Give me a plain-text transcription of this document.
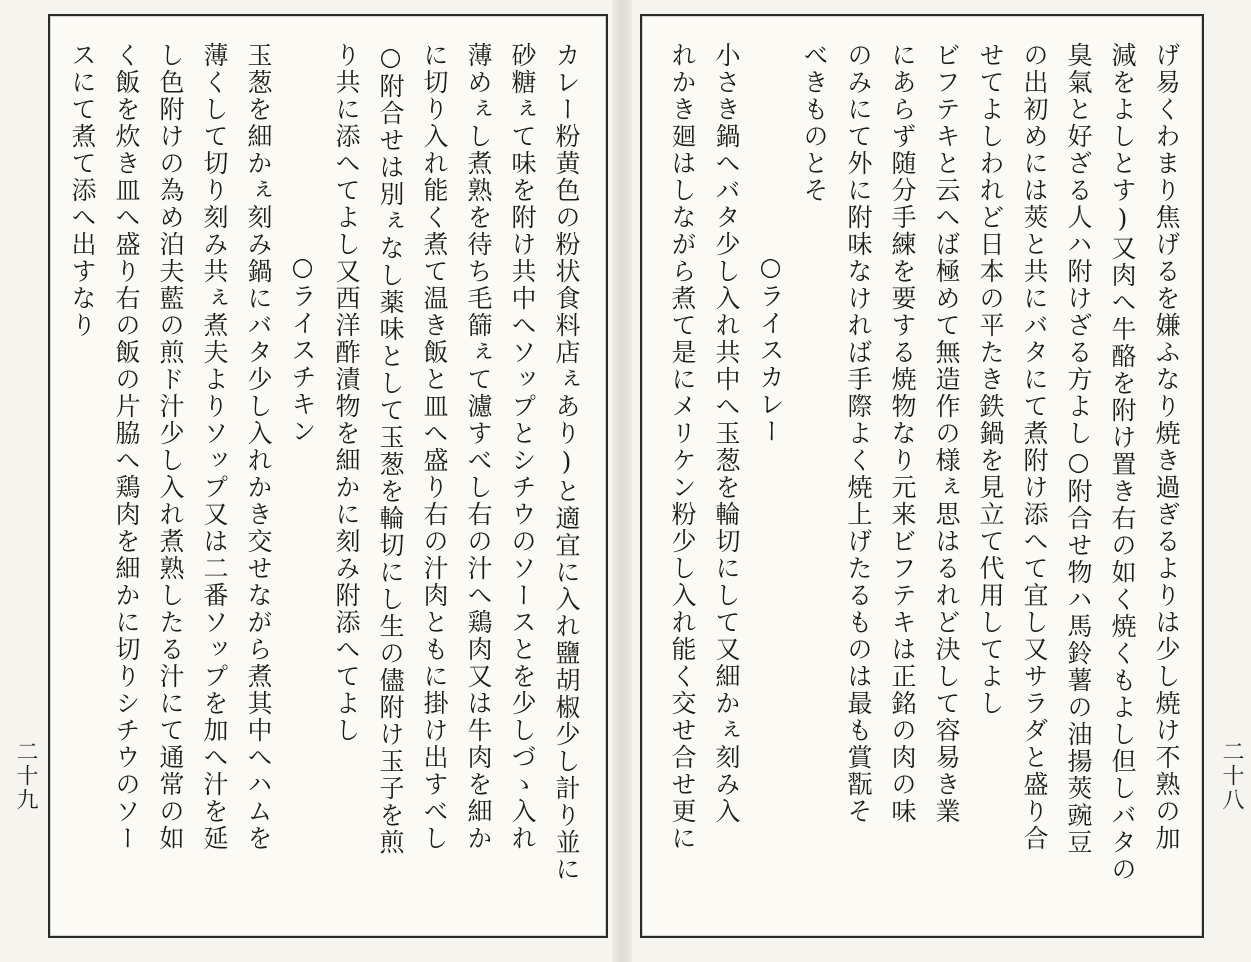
カレー粉黄色の粉状食料店ぇあり)と適宜に入れ鹽胡椒少し計り並に
砂糖ぇて味を附け共中へソップとシチウのソースとを少しづゝ入れ
薄めぇし煮熟を待ち毛篩ぇて濾すべし右の汁へ鶏肉又は牛肉を細か
に切り入れ能く煮て温き飯と皿へ盛り右の汁肉ともに掛け出すべし
○附合せは別ぇなし薬味として玉葱を輪切にし生の儘附け玉子を煎
り共に添へてよし又西洋酢漬物を細かに刻み附添へてよし
○ライスチキン
玉葱を細かぇ刻み鍋にバタ少し入れかき交せながら煮其中へハムを
薄くして切り刻み共ぇ煮夫よりソップ又は二番ソップを加へ汁を延
し色附けの為め泊夫藍の煎ド汁少し入れ煮熟したる汁にて通常の如
く飯を炊き皿へ盛り右の飯の片脇へ鶏肉を細かに切りシチウのソー
スにて煮て添へ出すなり	げ易くわまり焦げるを嫌ふなり焼き過ぎるよりは少し焼け不熟の加
減をよしとす)又肉へ牛酪を附け置き右の如く焼くもよし但しバタの
臭氣と好ざる人ハ附けざる方よし○附合せ物ハ馬鈴薯の油揚莢豌豆
の出初めには莢と共にバタにて煮附け添へて宜し又サラダと盛り合
せてよしわれど日本の平たき鉄鍋を見立て代用してよし
ビフテキと云へば極めて無造作の様ぇ思はるれど決して容易き業
にあらず随分手練を要する焼物なり元来ビフテキは正銘の肉の味
のみにて外に附味なければ手際よく焼上げたるものは最も賞翫そ
べきものとそ
○ライスカレー
小さき鍋へバタ少し入れ共中へ玉葱を輪切にして又細かぇ刻み入
れかき廻はしながら煮て是にメリケン粉少し入れ能く交せ合せ更に
二十九	二十八
